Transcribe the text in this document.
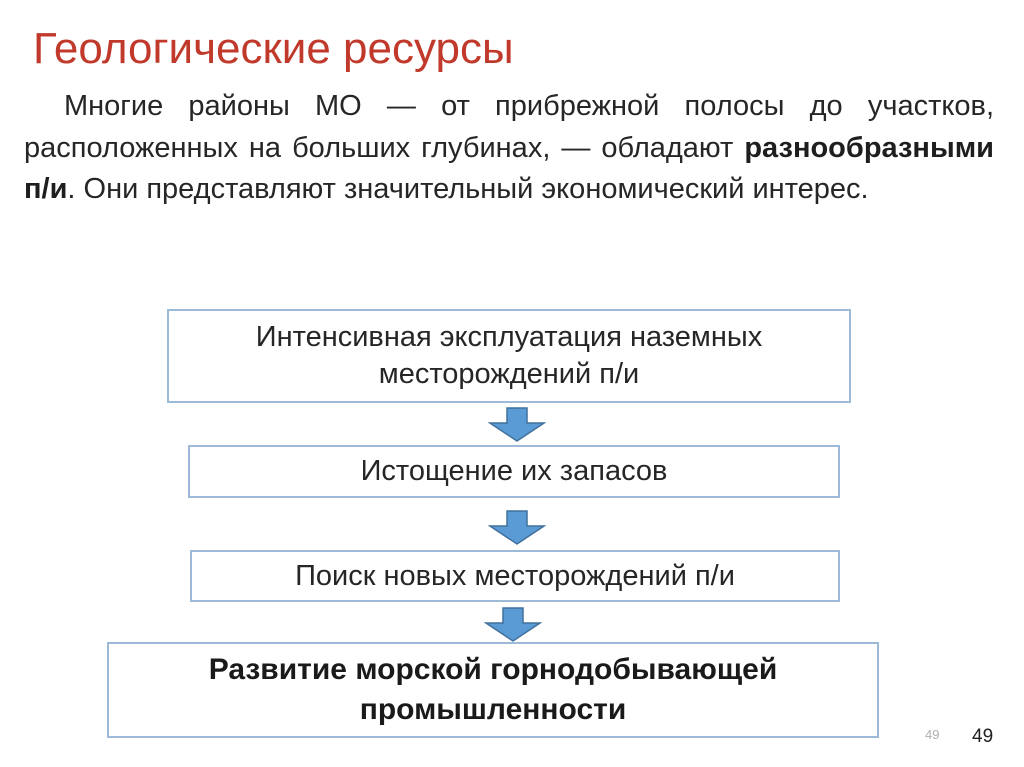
Геологические ресурсы
Многие районы МО — от прибрежной полосы до участков, расположенных на больших глубинах, — обладают разнообразными п/и. Они представляют значительный экономический интерес.
Интенсивная эксплуатация наземных
месторождений п/и
Истощение их запасов
Поиск новых месторождений п/и
Развитие морской горнодобывающей
промышленности
49 49
